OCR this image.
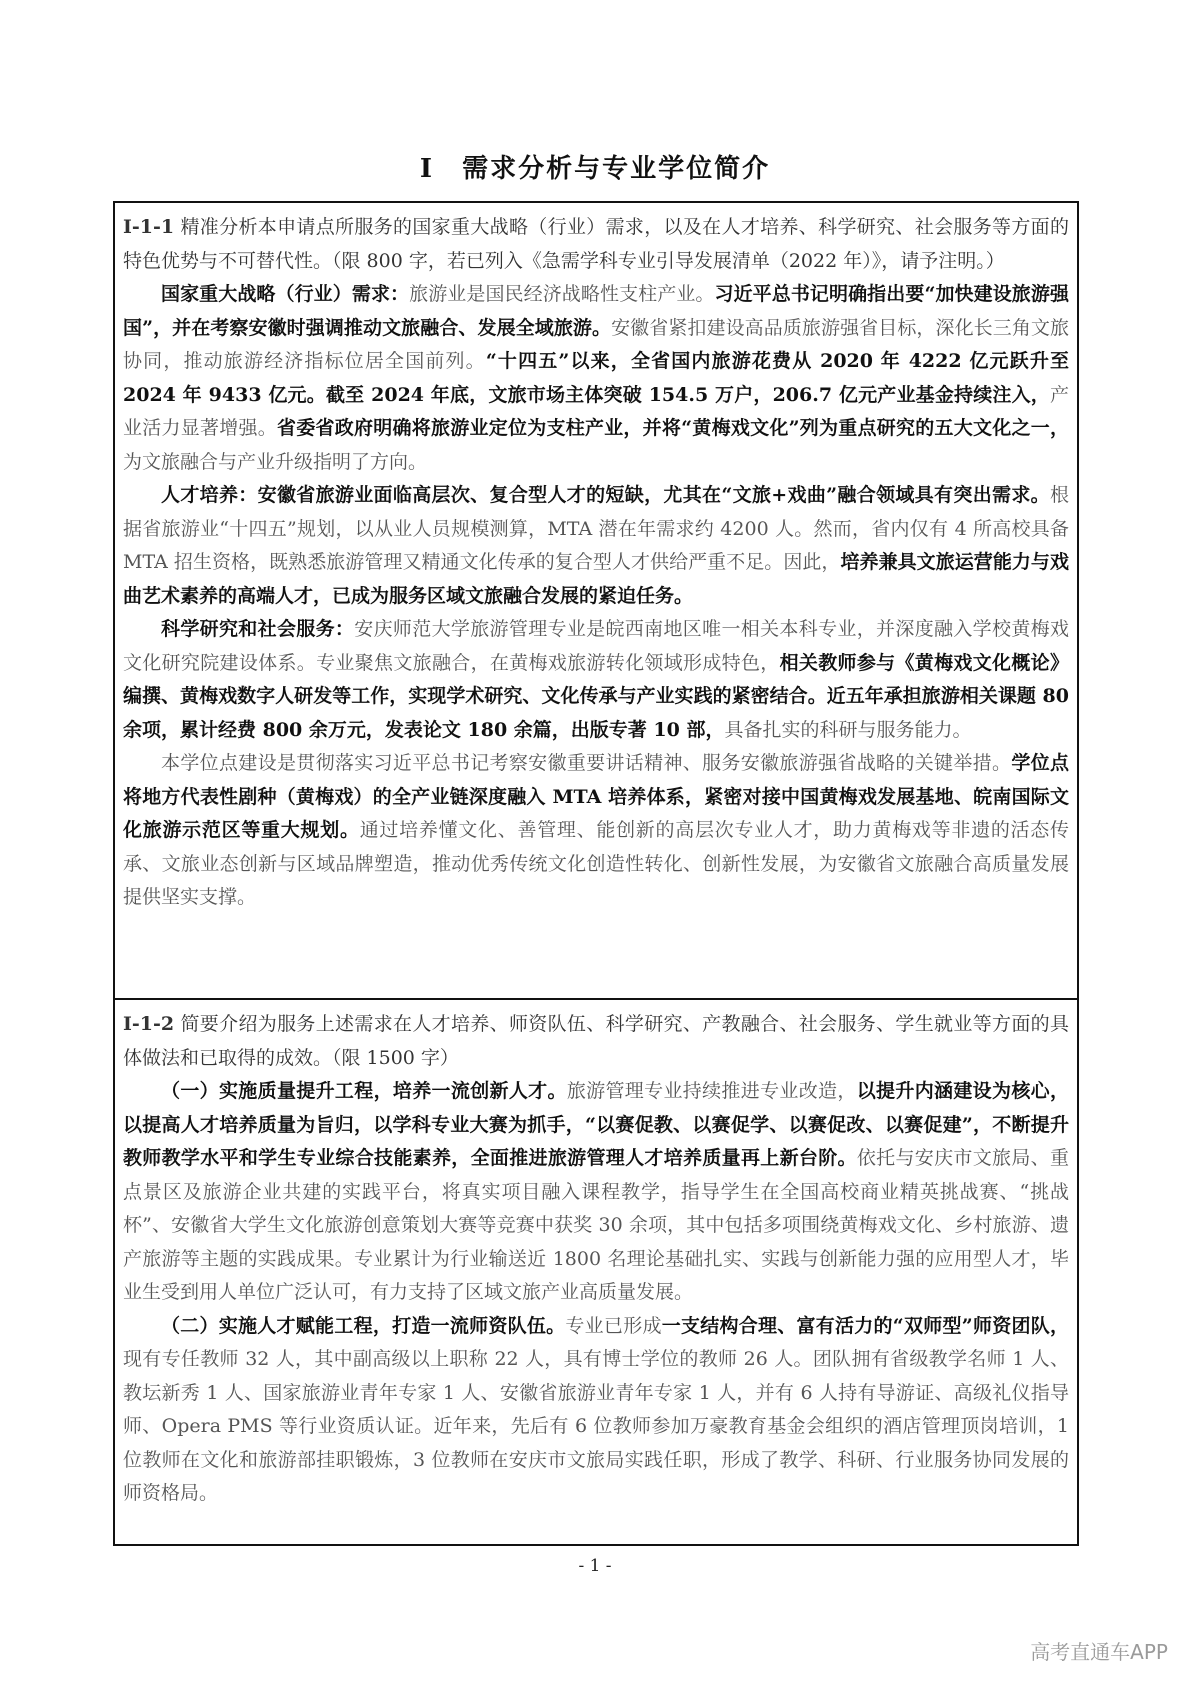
I　需求分析与专业学位简介

I-1-1 精准分析本申请点所服务的国家重大战略（行业）需求，以及在人才培养、科学研究、社会服务等方面的特色优势与不可替代性。（限 800 字，若已列入《急需学科专业引导发展清单（2022 年）》，请予注明。）

国家重大战略（行业）需求：旅游业是国民经济战略性支柱产业。习近平总书记明确指出要“加快建设旅游强国”，并在考察安徽时强调推动文旅融合、发展全域旅游。安徽省紧扣建设高品质旅游强省目标，深化长三角文旅协同，推动旅游经济指标位居全国前列。“十四五”以来，全省国内旅游花费从 2020 年 4222 亿元跃升至 2024 年 9433 亿元。截至 2024 年底，文旅市场主体突破 154.5 万户，206.7 亿元产业基金持续注入，产业活力显著增强。省委省政府明确将旅游业定位为支柱产业，并将“黄梅戏文化”列为重点研究的五大文化之一，为文旅融合与产业升级指明了方向。

人才培养：安徽省旅游业面临高层次、复合型人才的短缺，尤其在“文旅+戏曲”融合领域具有突出需求。根据省旅游业“十四五”规划，以从业人员规模测算，MTA 潜在年需求约 4200 人。然而，省内仅有 4 所高校具备 MTA 招生资格，既熟悉旅游管理又精通文化传承的复合型人才供给严重不足。因此，培养兼具文旅运营能力与戏曲艺术素养的高端人才，已成为服务区域文旅融合发展的紧迫任务。

科学研究和社会服务：安庆师范大学旅游管理专业是皖西南地区唯一相关本科专业，并深度融入学校黄梅戏文化研究院建设体系。专业聚焦文旅融合，在黄梅戏旅游转化领域形成特色，相关教师参与《黄梅戏文化概论》编撰、黄梅戏数字人研发等工作，实现学术研究、文化传承与产业实践的紧密结合。近五年承担旅游相关课题 80 余项，累计经费 800 余万元，发表论文 180 余篇，出版专著 10 部，具备扎实的科研与服务能力。

本学位点建设是贯彻落实习近平总书记考察安徽重要讲话精神、服务安徽旅游强省战略的关键举措。学位点将地方代表性剧种（黄梅戏）的全产业链深度融入 MTA 培养体系，紧密对接中国黄梅戏发展基地、皖南国际文化旅游示范区等重大规划。通过培养懂文化、善管理、能创新的高层次专业人才，助力黄梅戏等非遗的活态传承、文旅业态创新与区域品牌塑造，推动优秀传统文化创造性转化、创新性发展，为安徽省文旅融合高质量发展提供坚实支撑。

I-1-2 简要介绍为服务上述需求在人才培养、师资队伍、科学研究、产教融合、社会服务、学生就业等方面的具体做法和已取得的成效。（限 1500 字）

（一）实施质量提升工程，培养一流创新人才。旅游管理专业持续推进专业改造，以提升内涵建设为核心，以提高人才培养质量为旨归，以学科专业大赛为抓手，“以赛促教、以赛促学、以赛促改、以赛促建”，不断提升教师教学水平和学生专业综合技能素养，全面推进旅游管理人才培养质量再上新台阶。依托与安庆市文旅局、重点景区及旅游企业共建的实践平台，将真实项目融入课程教学，指导学生在全国高校商业精英挑战赛、“挑战杯”、安徽省大学生文化旅游创意策划大赛等竞赛中获奖 30 余项，其中包括多项围绕黄梅戏文化、乡村旅游、遗产旅游等主题的实践成果。专业累计为行业输送近 1800 名理论基础扎实、实践与创新能力强的应用型人才，毕业生受到用人单位广泛认可，有力支持了区域文旅产业高质量发展。

（二）实施人才赋能工程，打造一流师资队伍。专业已形成一支结构合理、富有活力的“双师型”师资团队，现有专任教师 32 人，其中副高级以上职称 22 人，具有博士学位的教师 26 人。团队拥有省级教学名师 1 人、教坛新秀 1 人、国家旅游业青年专家 1 人、安徽省旅游业青年专家 1 人，并有 6 人持有导游证、高级礼仪指导师、Opera PMS 等行业资质认证。近年来，先后有 6 位教师参加万豪教育基金会组织的酒店管理顶岗培训，1 位教师在文化和旅游部挂职锻炼，3 位教师在安庆市文旅局实践任职，形成了教学、科研、行业服务协同发展的师资格局。

- 1 -
高考直通车APP
